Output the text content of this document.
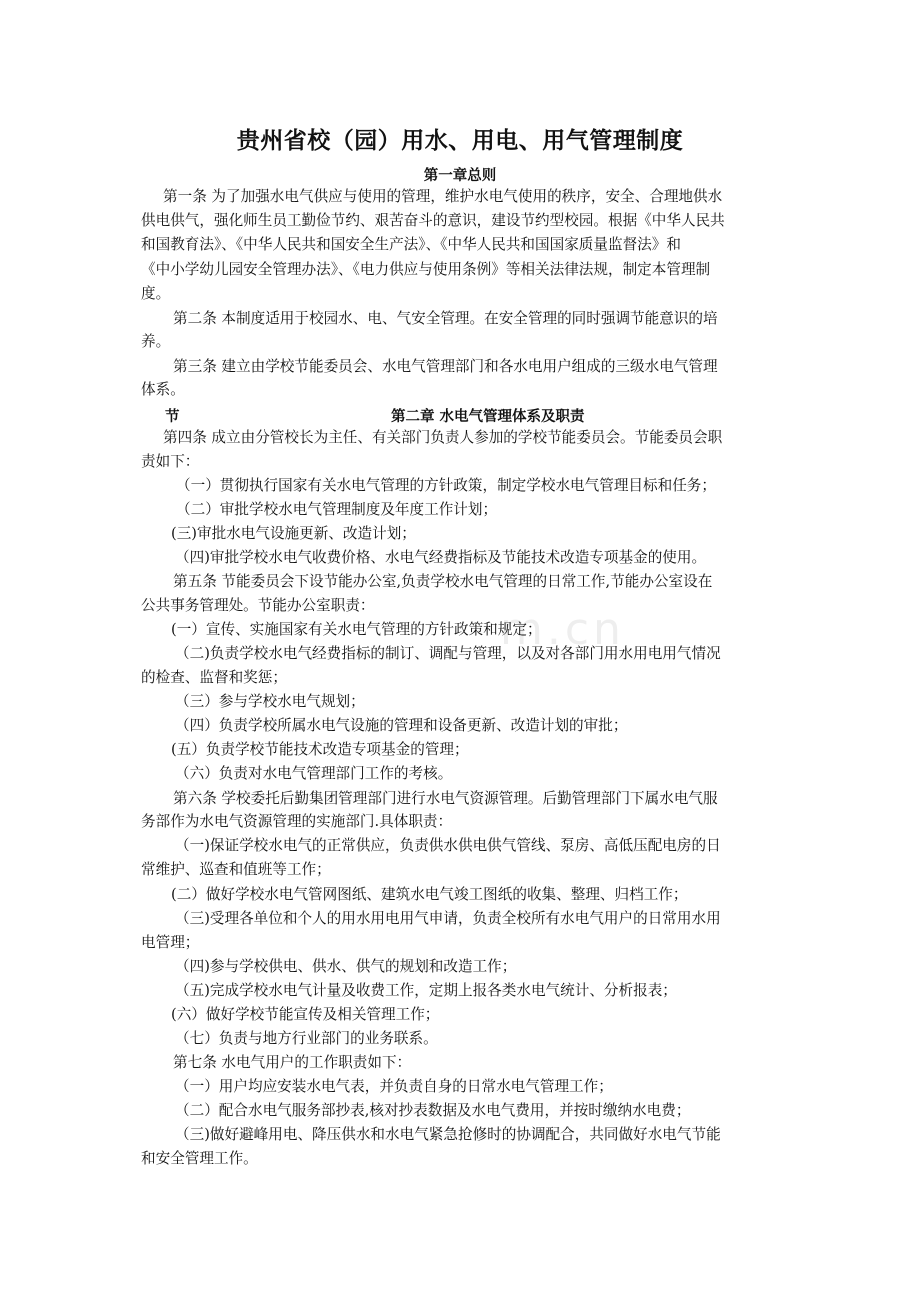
m.cn
贵州省校（园）用水、用电、用气管理制度
第一章总则
第一条 为了加强水电气供应与使用的管理，维护水电气使用的秩序，安全、合理地供水
供电供气，强化师生员工勤俭节约、艰苦奋斗的意识，建设节约型校园。根据《中华人民共
和国教育法》、《中华人民共和国安全生产法》、《中华人民共和国国家质量监督法》和
《中小学幼儿园安全管理办法》、《电力供应与使用条例》等相关法律法规，制定本管理制
度。
第二条 本制度适用于校园水、电、气安全管理。在安全管理的同时强调节能意识的培
养。
第三条 建立由学校节能委员会、水电气管理部门和各水电用户组成的三级水电气管理
体系。
节	第二章 水电气管理体系及职责
第四条 成立由分管校长为主任、有关部门负责人参加的学校节能委员会。节能委员会职
责如下：
（一）贯彻执行国家有关水电气管理的方针政策，制定学校水电气管理目标和任务；
（二）审批学校水电气管理制度及年度工作计划；
(三)审批水电气设施更新、改造计划；
（四)审批学校水电气收费价格、水电气经费指标及节能技术改造专项基金的使用。
第五条 节能委员会下设节能办公室,负责学校水电气管理的日常工作,节能办公室设在
公共事务管理处。节能办公室职责：
(一）宣传、实施国家有关水电气管理的方针政策和规定；
（二)负责学校水电气经费指标的制订、调配与管理，以及对各部门用水用电用气情况
的检查、监督和奖惩；
（三）参与学校水电气规划；
（四）负责学校所属水电气设施的管理和设备更新、改造计划的审批；
(五）负责学校节能技术改造专项基金的管理；
（六）负责对水电气管理部门工作的考核。
第六条 学校委托后勤集团管理部门进行水电气资源管理。后勤管理部门下属水电气服
务部作为水电气资源管理的实施部门.具体职责：
（一)保证学校水电气的正常供应，负责供水供电供气管线、泵房、高低压配电房的日
常维护、巡查和值班等工作；
(二）做好学校水电气管网图纸、建筑水电气竣工图纸的收集、整理、归档工作；
（三)受理各单位和个人的用水用电用气申请，负责全校所有水电气用户的日常用水用
电管理；
（四)参与学校供电、供水、供气的规划和改造工作；
（五)完成学校水电气计量及收费工作，定期上报各类水电气统计、分析报表；
(六）做好学校节能宣传及相关管理工作；
（七）负责与地方行业部门的业务联系。
第七条 水电气用户的工作职责如下：
（一）用户均应安装水电气表，并负责自身的日常水电气管理工作；
（二）配合水电气服务部抄表,核对抄表数据及水电气费用，并按时缴纳水电费；
（三)做好避峰用电、降压供水和水电气紧急抢修时的协调配合，共同做好水电气节能
和安全管理工作。
